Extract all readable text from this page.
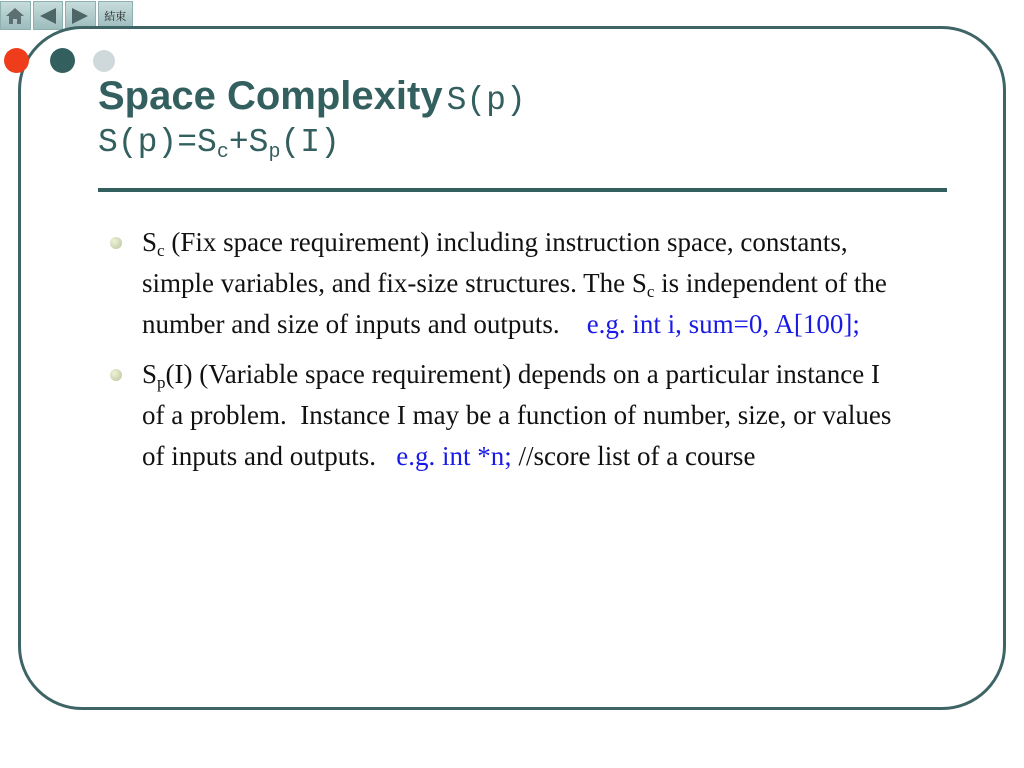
結束
Space Complexity S(p)
$S(p)=S_c+S_p(I)$
$S_c$ (Fix space requirement) including instruction space, constants, simple variables, and fix-size structures. The $S_c$ is independent of the number and size of inputs and outputs.    e.g. int i, sum=0, A[100];
$S_p(I)$ (Variable space requirement) depends on a particular instance I of a problem.  Instance I may be a function of number, size, or values of inputs and outputs.   e.g. int *n; //score list of a course
